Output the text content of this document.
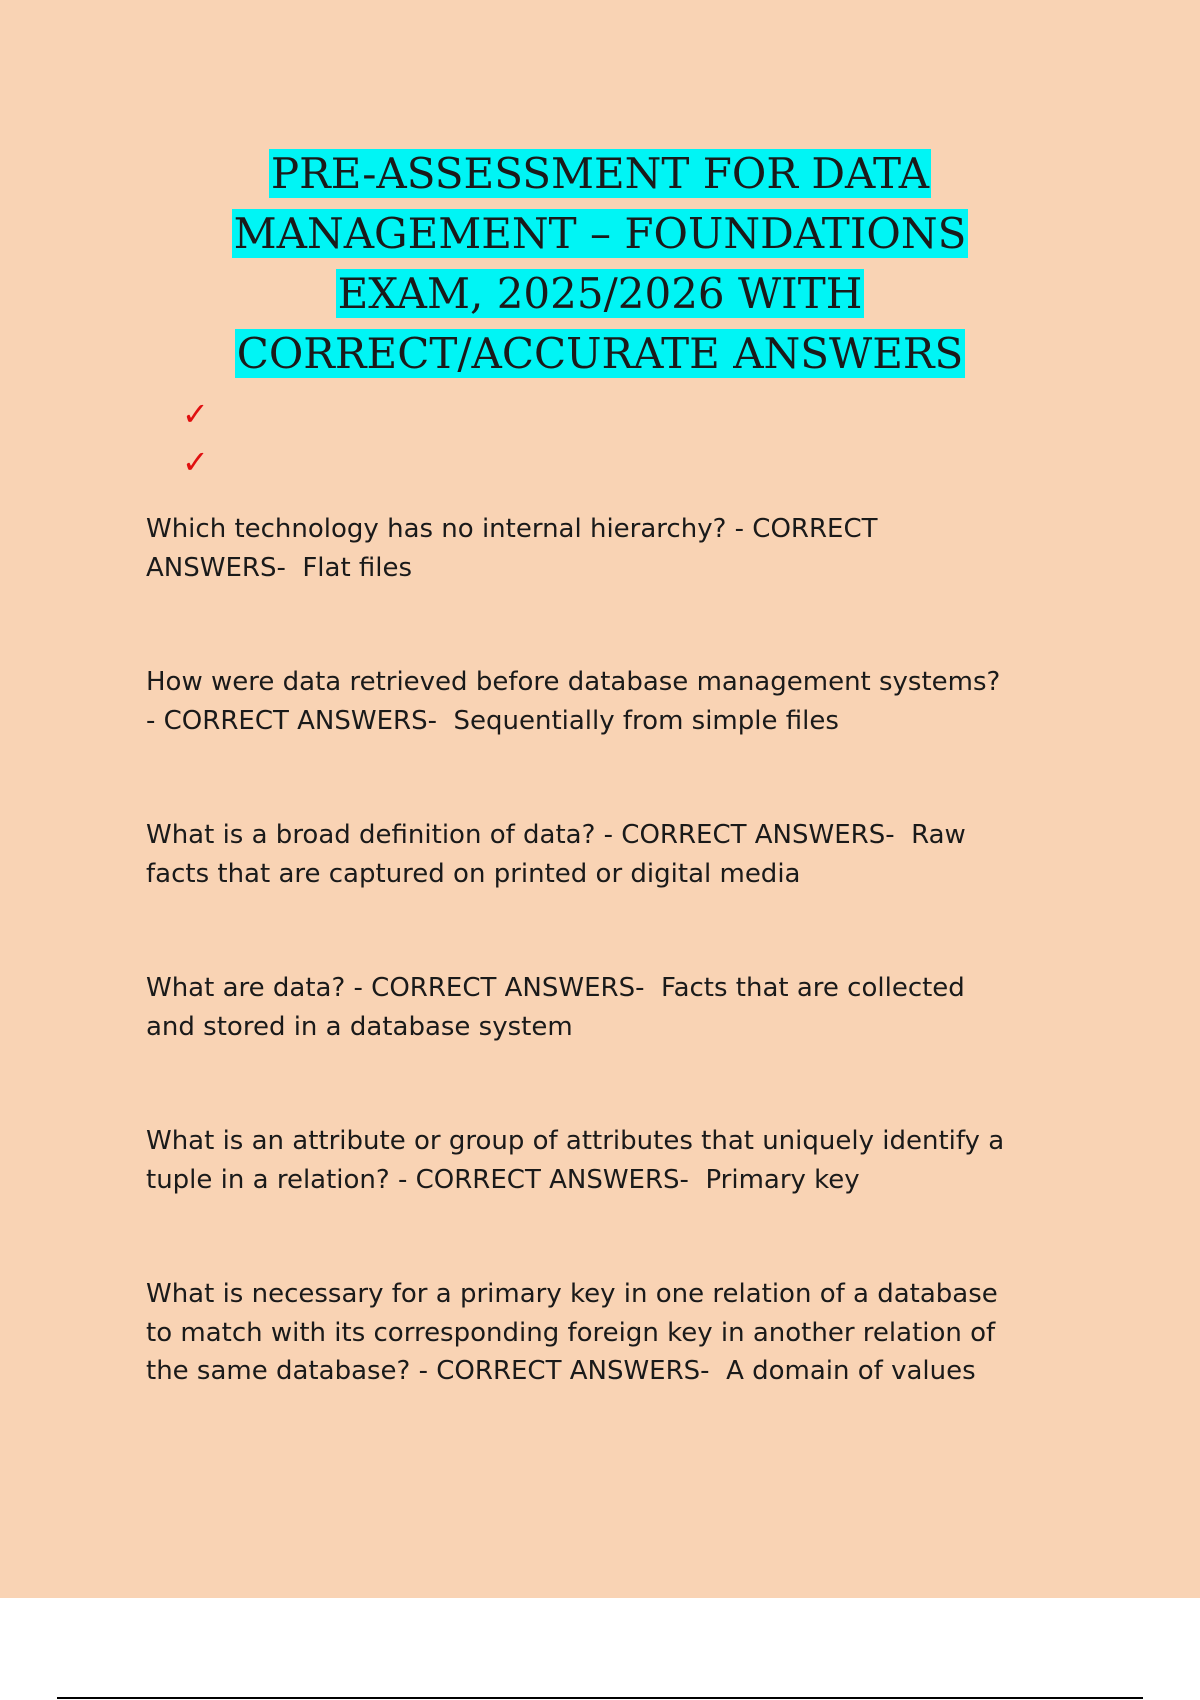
PRE-ASSESSMENT FOR DATA
MANAGEMENT – FOUNDATIONS
EXAM, 2025/2026 WITH
CORRECT/ACCURATE ANSWERS
✓
✓

Which technology has no internal hierarchy? - CORRECT
ANSWERS-  Flat files

How were data retrieved before database management systems?
- CORRECT ANSWERS-  Sequentially from simple files

What is a broad definition of data? - CORRECT ANSWERS-  Raw
facts that are captured on printed or digital media

What are data? - CORRECT ANSWERS-  Facts that are collected
and stored in a database system

What is an attribute or group of attributes that uniquely identify a
tuple in a relation? - CORRECT ANSWERS-  Primary key

What is necessary for a primary key in one relation of a database
to match with its corresponding foreign key in another relation of
the same database? - CORRECT ANSWERS-  A domain of values
